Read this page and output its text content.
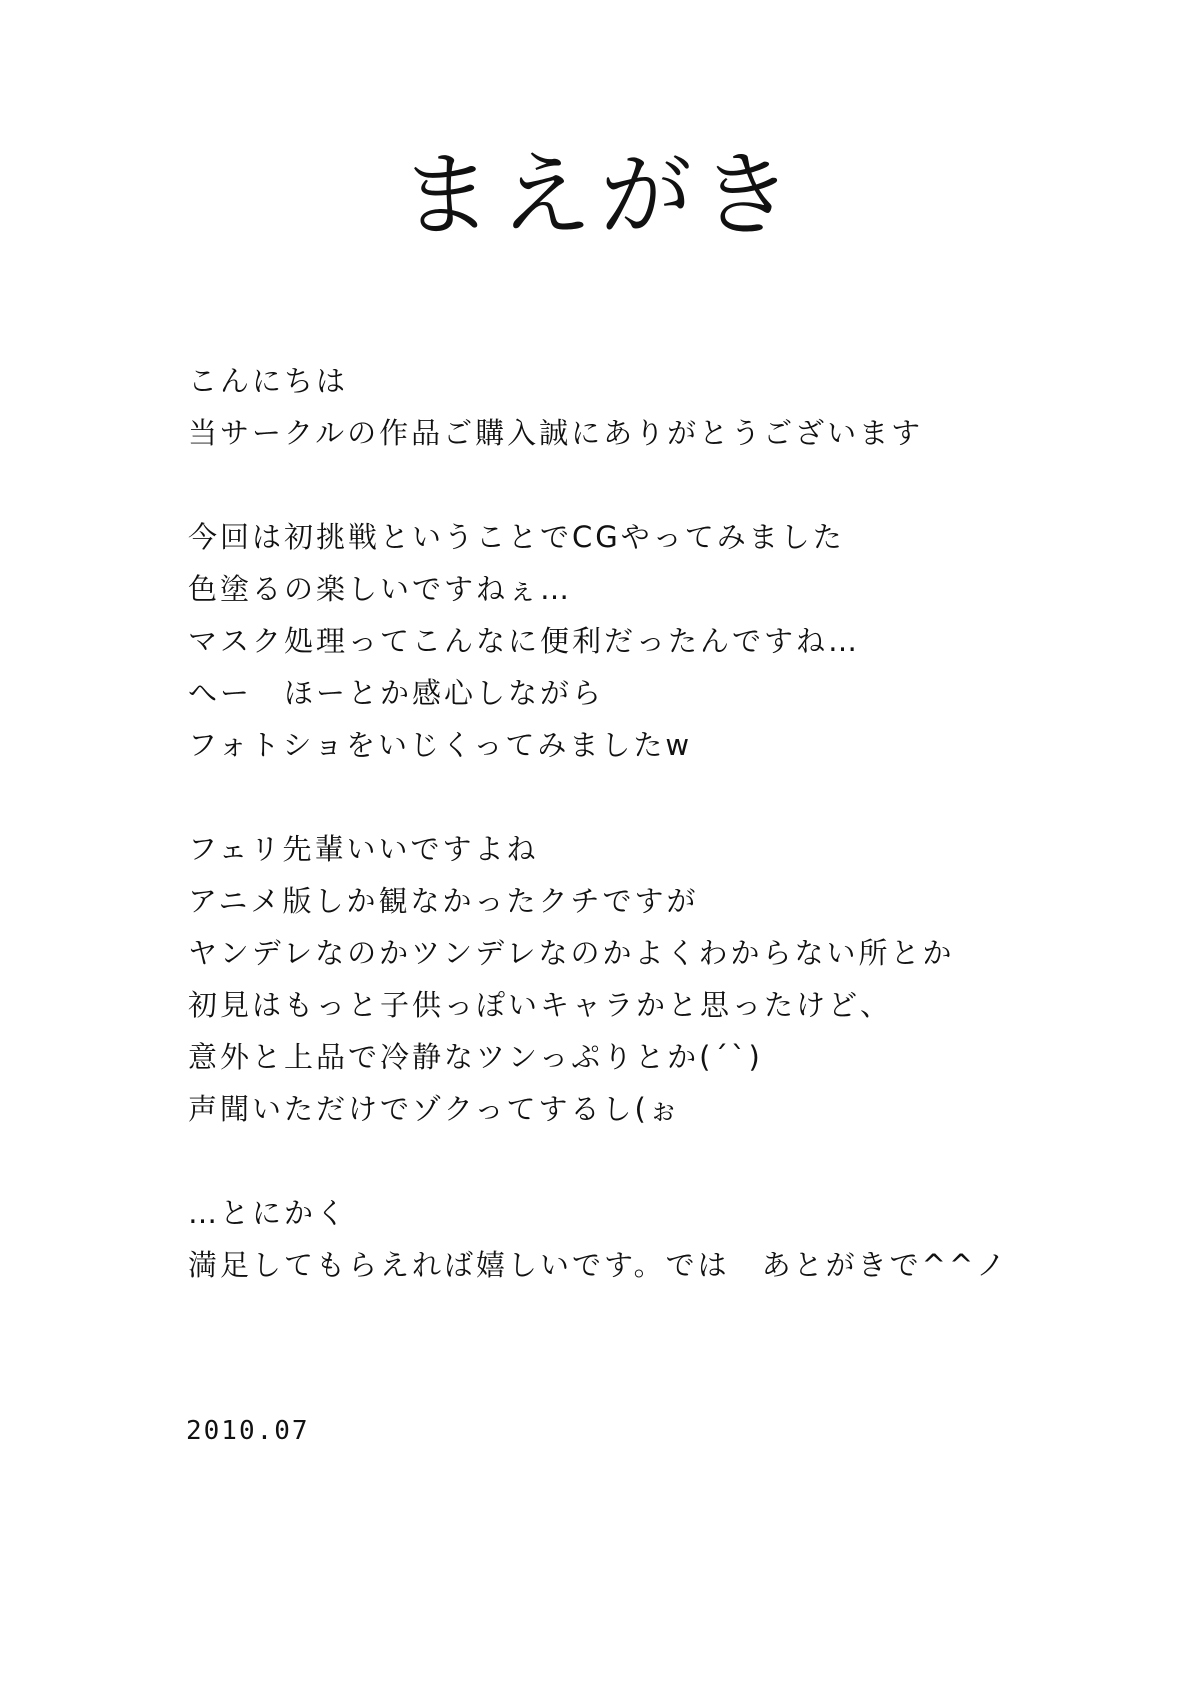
まえがき
こんにちは
当サークルの作品ご購入誠にありがとうございます
今回は初挑戦ということでCGやってみました
色塗るの楽しいですねぇ…
マスク処理ってこんなに便利だったんですね…
へー　ほーとか感心しながら
フォトショをいじくってみましたw
フェリ先輩いいですよね
アニメ版しか観なかったクチですが
ヤンデレなのかツンデレなのかよくわからない所とか
初見はもっと子供っぽいキャラかと思ったけど、
意外と上品で冷静なツンっぷりとか(´`)
声聞いただけでゾクってするし(ぉ
…とにかく
満足してもらえれば嬉しいです。では　あとがきで^^ノ
2010.07
